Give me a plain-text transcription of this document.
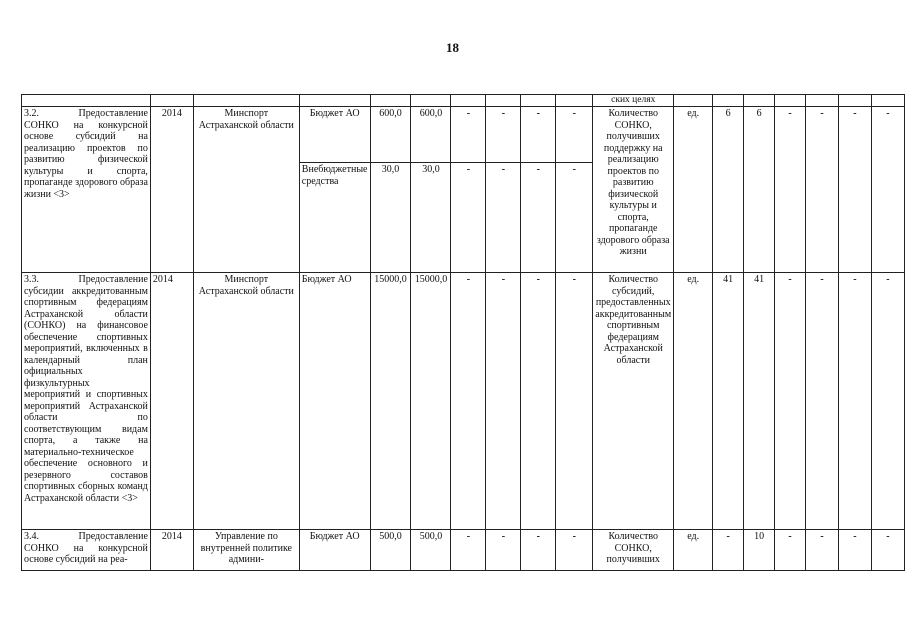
18
										ских целях							
3.2. Предоставление СОНКО на конкурсной основе субсидий на реализацию проектов по развитию физической культуры и спорта, пропаганде здорового образа жизни <3>	2014	Минспорт Астраханской области	Бюджет АО	600,0	600,0	-	-	-	-	Количество СОНКО, получивших поддержку на реализацию проектов по развитию физической культуры и спорта, пропаганде здорового образа жизни	ед.	6	6	-	-	-	-
			Внебюджетные средства	30,0	30,0	-	-	-	-								
3.3. Предоставление субсидии аккредитованным спортивным федерациям Астраханской области (СОНКО) на финансовое обеспечение спортивных мероприятий, включенных в календарный план официальных физкультурных мероприятий и спортивных мероприятий Астраханской области по соответствующим видам спорта, а также на материально-техническое обеспечение основного и резервного составов спортивных сборных команд Астраханской области <3>	2014	Минспорт Астраханской области	Бюджет АО	15000,0	15000,0	-	-	-	-	Количество субсидий, предоставленных аккредитованным спортивным федерациям Астраханской области	ед.	41	41	-	-	-	-
3.4. Предоставление СОНКО на конкурсной основе субсидий на реа-	2014	Управление по внутренней политике админи-	Бюджет АО	500,0	500,0	-	-	-	-	Количество СОНКО, получивших	ед.	-	10	-	-	-	-
